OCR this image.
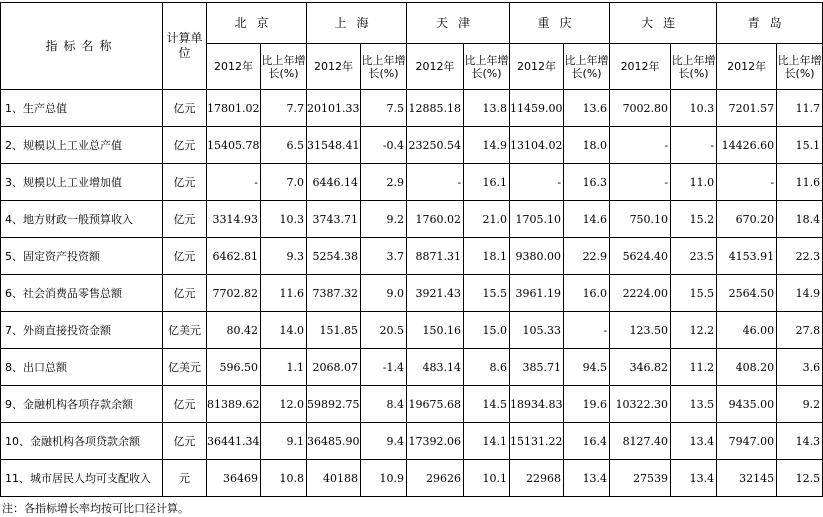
指标名称	计算单位	北京		上海		天津		重庆		大连		青岛	
		2012年	比上年增长(%)	2012年	比上年增长(%)	2012年	比上年增长(%)	2012年	比上年增长(%)	2012年	比上年增长(%)	2012年	比上年增长(%)
1、生产总值	亿元	17801.02	7.7	20101.33	7.5	12885.18	13.8	11459.00	13.6	7002.80	10.3	7201.57	11.7
2、规模以上工业总产值	亿元	15405.78	6.5	31548.41	-0.4	23250.54	14.9	13104.02	18.0	-	-	14426.60	15.1
3、规模以上工业增加值	亿元	-	7.0	6446.14	2.9	-	16.1	-	16.3	-	11.0	-	11.6
4、地方财政一般预算收入	亿元	3314.93	10.3	3743.71	9.2	1760.02	21.0	1705.10	14.6	750.10	15.2	670.20	18.4
5、固定资产投资额	亿元	6462.81	9.3	5254.38	3.7	8871.31	18.1	9380.00	22.9	5624.40	23.5	4153.91	22.3
6、社会消费品零售总额	亿元	7702.82	11.6	7387.32	9.0	3921.43	15.5	3961.19	16.0	2224.00	15.5	2564.50	14.9
7、外商直接投资金额	亿美元	80.42	14.0	151.85	20.5	150.16	15.0	105.33	-	123.50	12.2	46.00	27.8
8、出口总额	亿美元	596.50	1.1	2068.07	-1.4	483.14	8.6	385.71	94.5	346.82	11.2	408.20	3.6
9、金融机构各项存款余额	亿元	81389.62	12.0	59892.75	8.4	19675.68	14.5	18934.83	19.6	10322.30	13.5	9435.00	9.2
10、金融机构各项贷款余额	亿元	36441.34	9.1	36485.90	9.4	17392.06	14.1	15131.22	16.4	8127.40	13.4	7947.00	14.3
11、城市居民人均可支配收入	元	36469	10.8	40188	10.9	29626	10.1	22968	13.4	27539	13.4	32145	12.5
注：各指标增长率均按可比口径计算。
